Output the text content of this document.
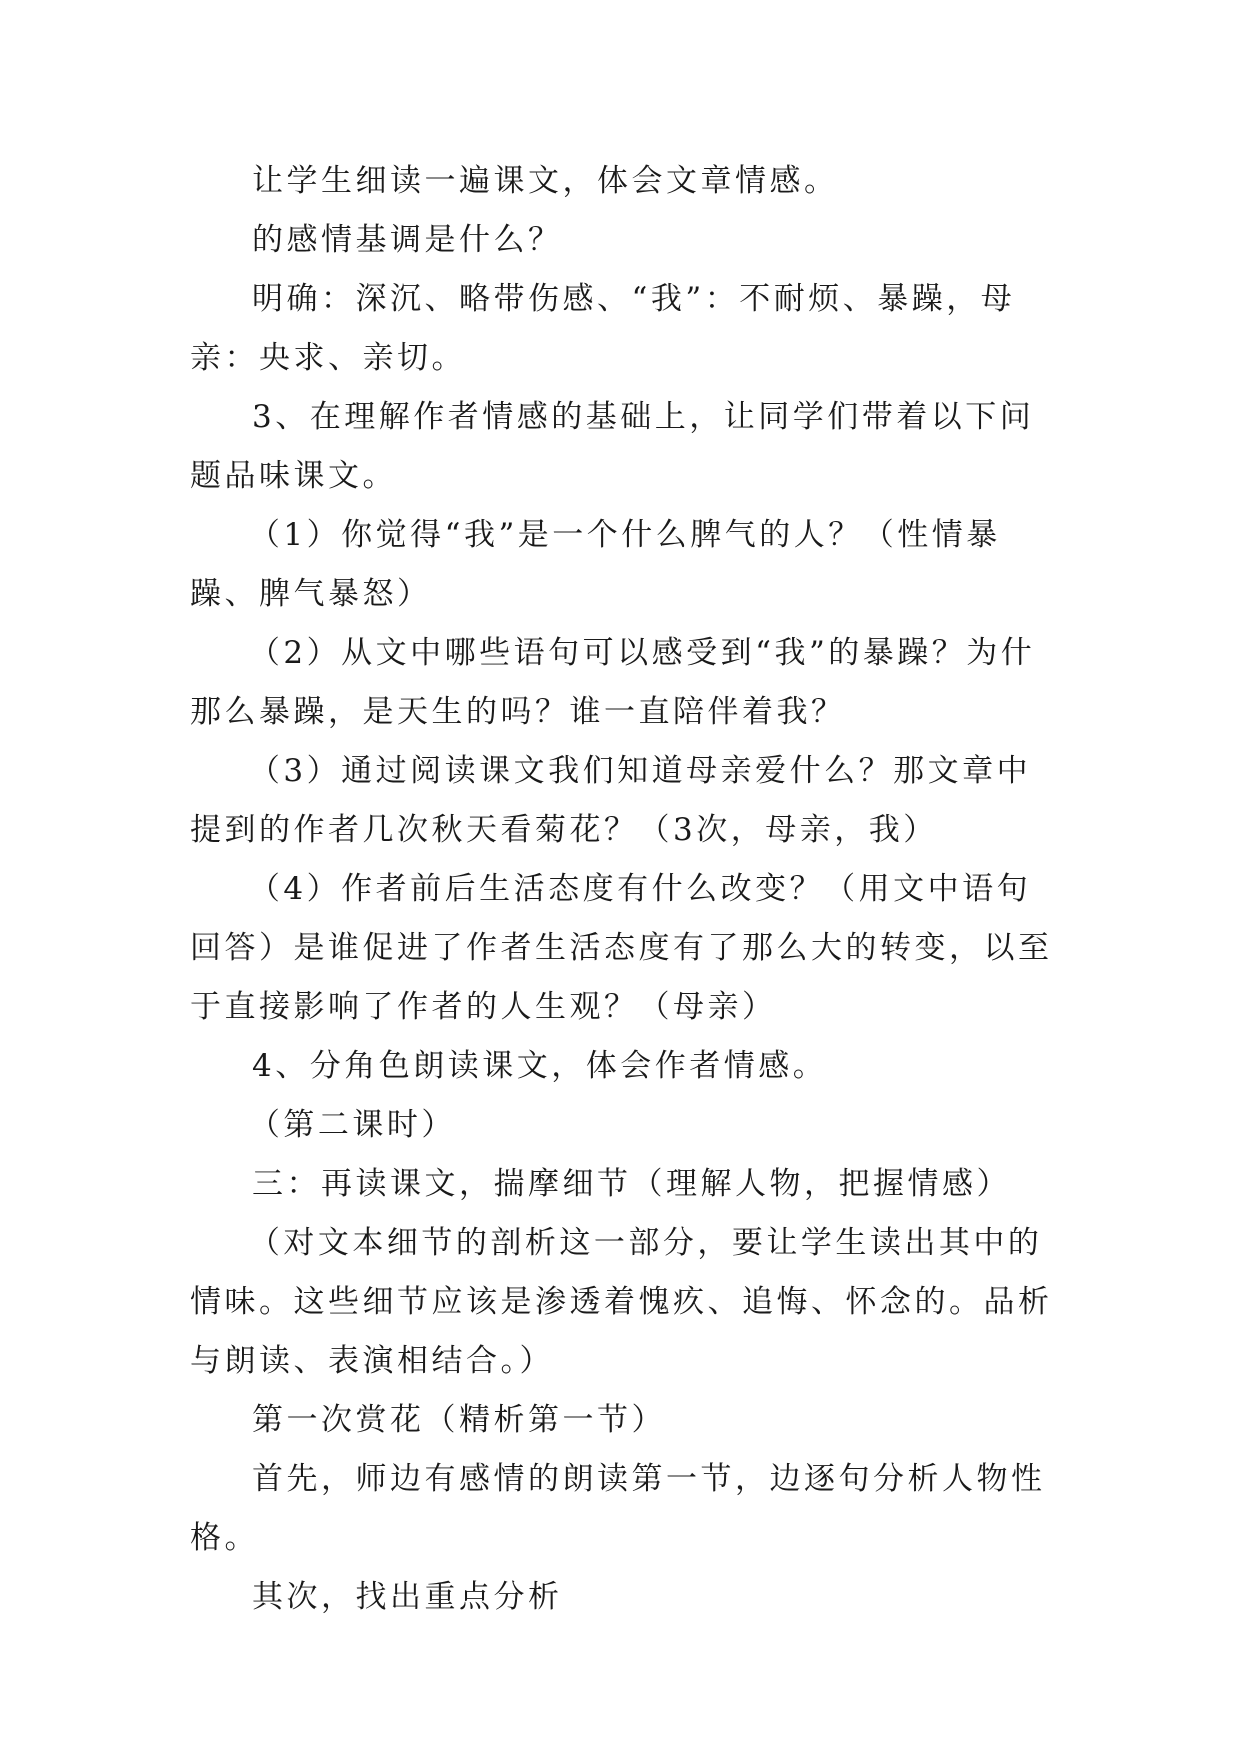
让学生细读一遍课文，体会文章情感。

的感情基调是什么？

明确：深沉、略带伤感、“我”：不耐烦、暴躁，母亲：央求、亲切。

3、在理解作者情感的基础上，让同学们带着以下问题品味课文。

（1）你觉得“我”是一个什么脾气的人？（性情暴躁、脾气暴怒）

（2）从文中哪些语句可以感受到“我”的暴躁？为什那么暴躁，是天生的吗？谁一直陪伴着我？

（3）通过阅读课文我们知道母亲爱什么？那文章中提到的作者几次秋天看菊花？（3次，母亲，我）

（4）作者前后生活态度有什么改变？（用文中语句回答）是谁促进了作者生活态度有了那么大的转变，以至于直接影响了作者的人生观？（母亲）

4、分角色朗读课文，体会作者情感。

（第二课时）

三：再读课文，揣摩细节（理解人物，把握情感）

（对文本细节的剖析这一部分，要让学生读出其中的情味。这些细节应该是渗透着愧疚、追悔、怀念的。品析与朗读、表演相结合。）

第一次赏花（精析第一节）

首先，师边有感情的朗读第一节，边逐句分析人物性格。

其次，找出重点分析
